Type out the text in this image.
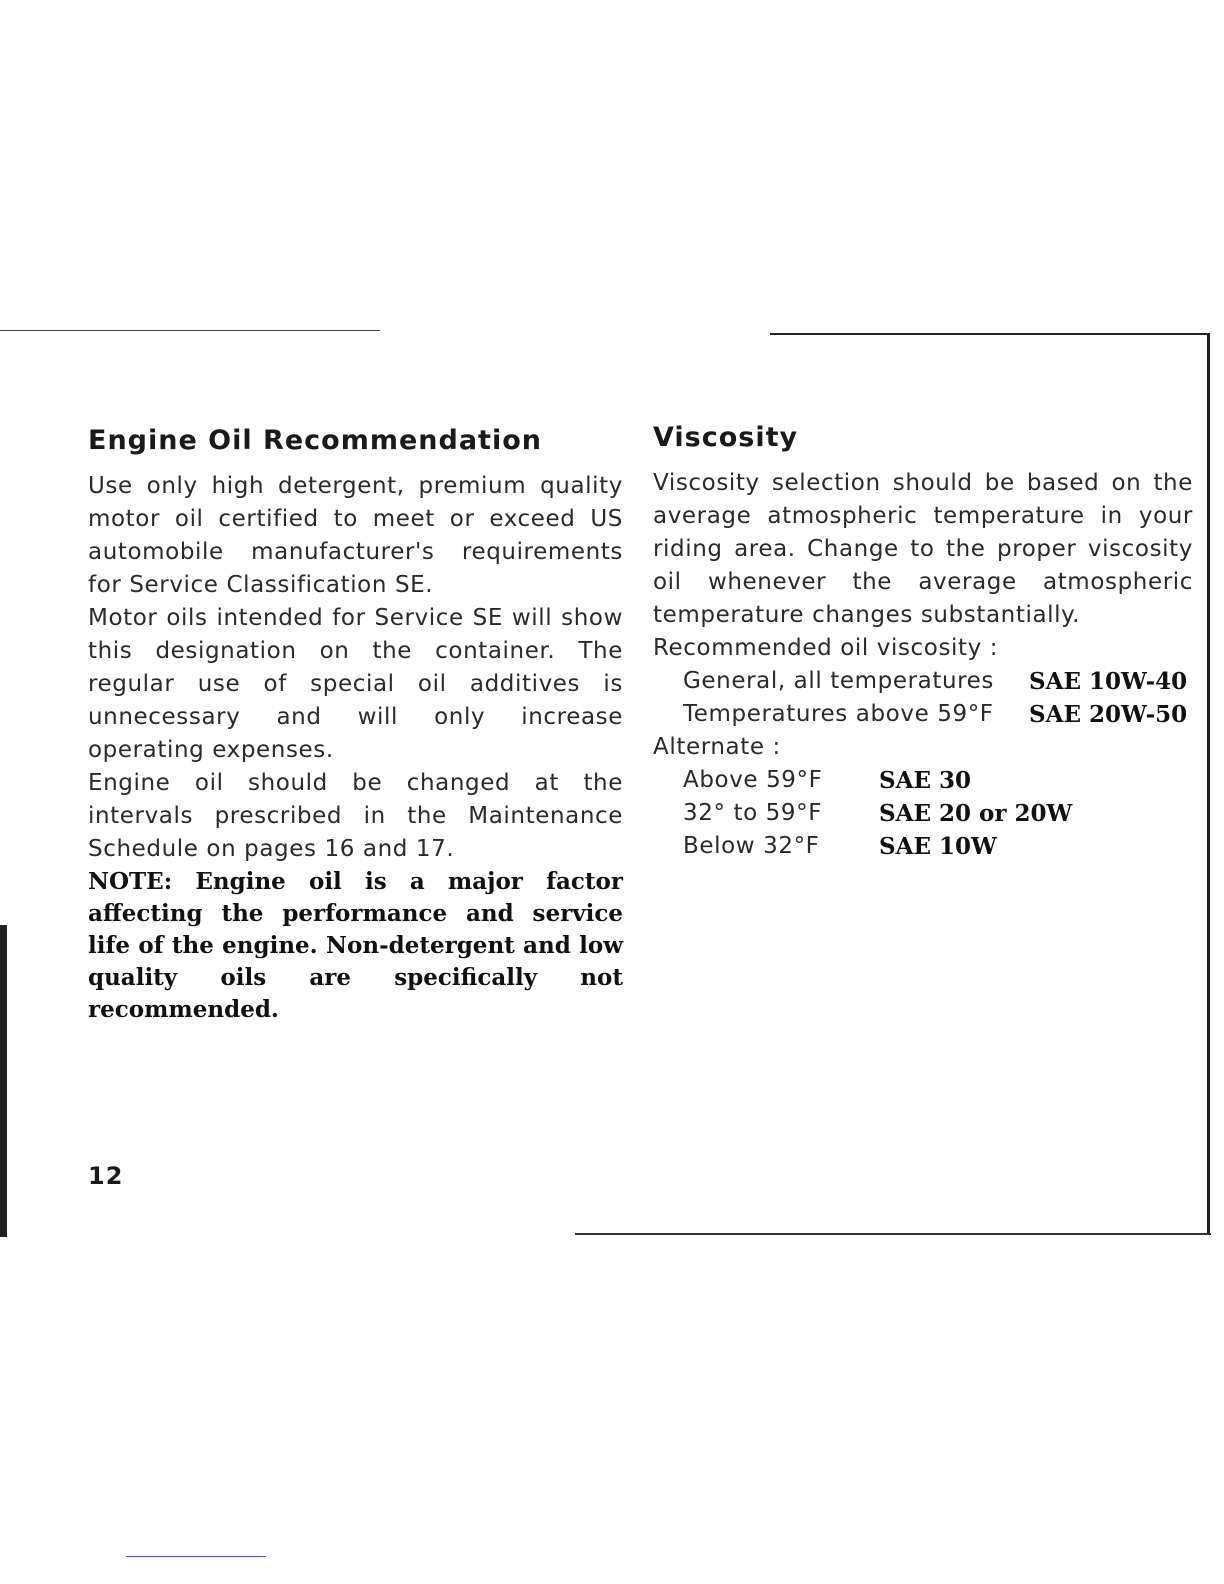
Engine Oil Recommendation

Use only high detergent, premium quality motor oil certified to meet or exceed US automobile manufacturer's requirements for Service Classification SE.

Motor oils intended for Service SE will show this designation on the container. The regular use of special oil additives is unnecessary and will only increase operating expenses.

Engine oil should be changed at the intervals prescribed in the Maintenance Schedule on pages 16 and 17.

NOTE: Engine oil is a major factor affecting the performance and service life of the engine. Non-detergent and low quality oils are specifically not recommended.

Viscosity

Viscosity selection should be based on the average atmospheric temperature in your riding area. Change to the proper viscosity oil whenever the average atmospheric temperature changes substantially.

Recommended oil viscosity :
General, all temperatures	SAE 10W-40
Temperatures above 59°F	SAE 20W-50
Alternate :
Above 59°F	SAE 30
32° to 59°F	SAE 20 or 20W
Below 32°F	SAE 10W
12
